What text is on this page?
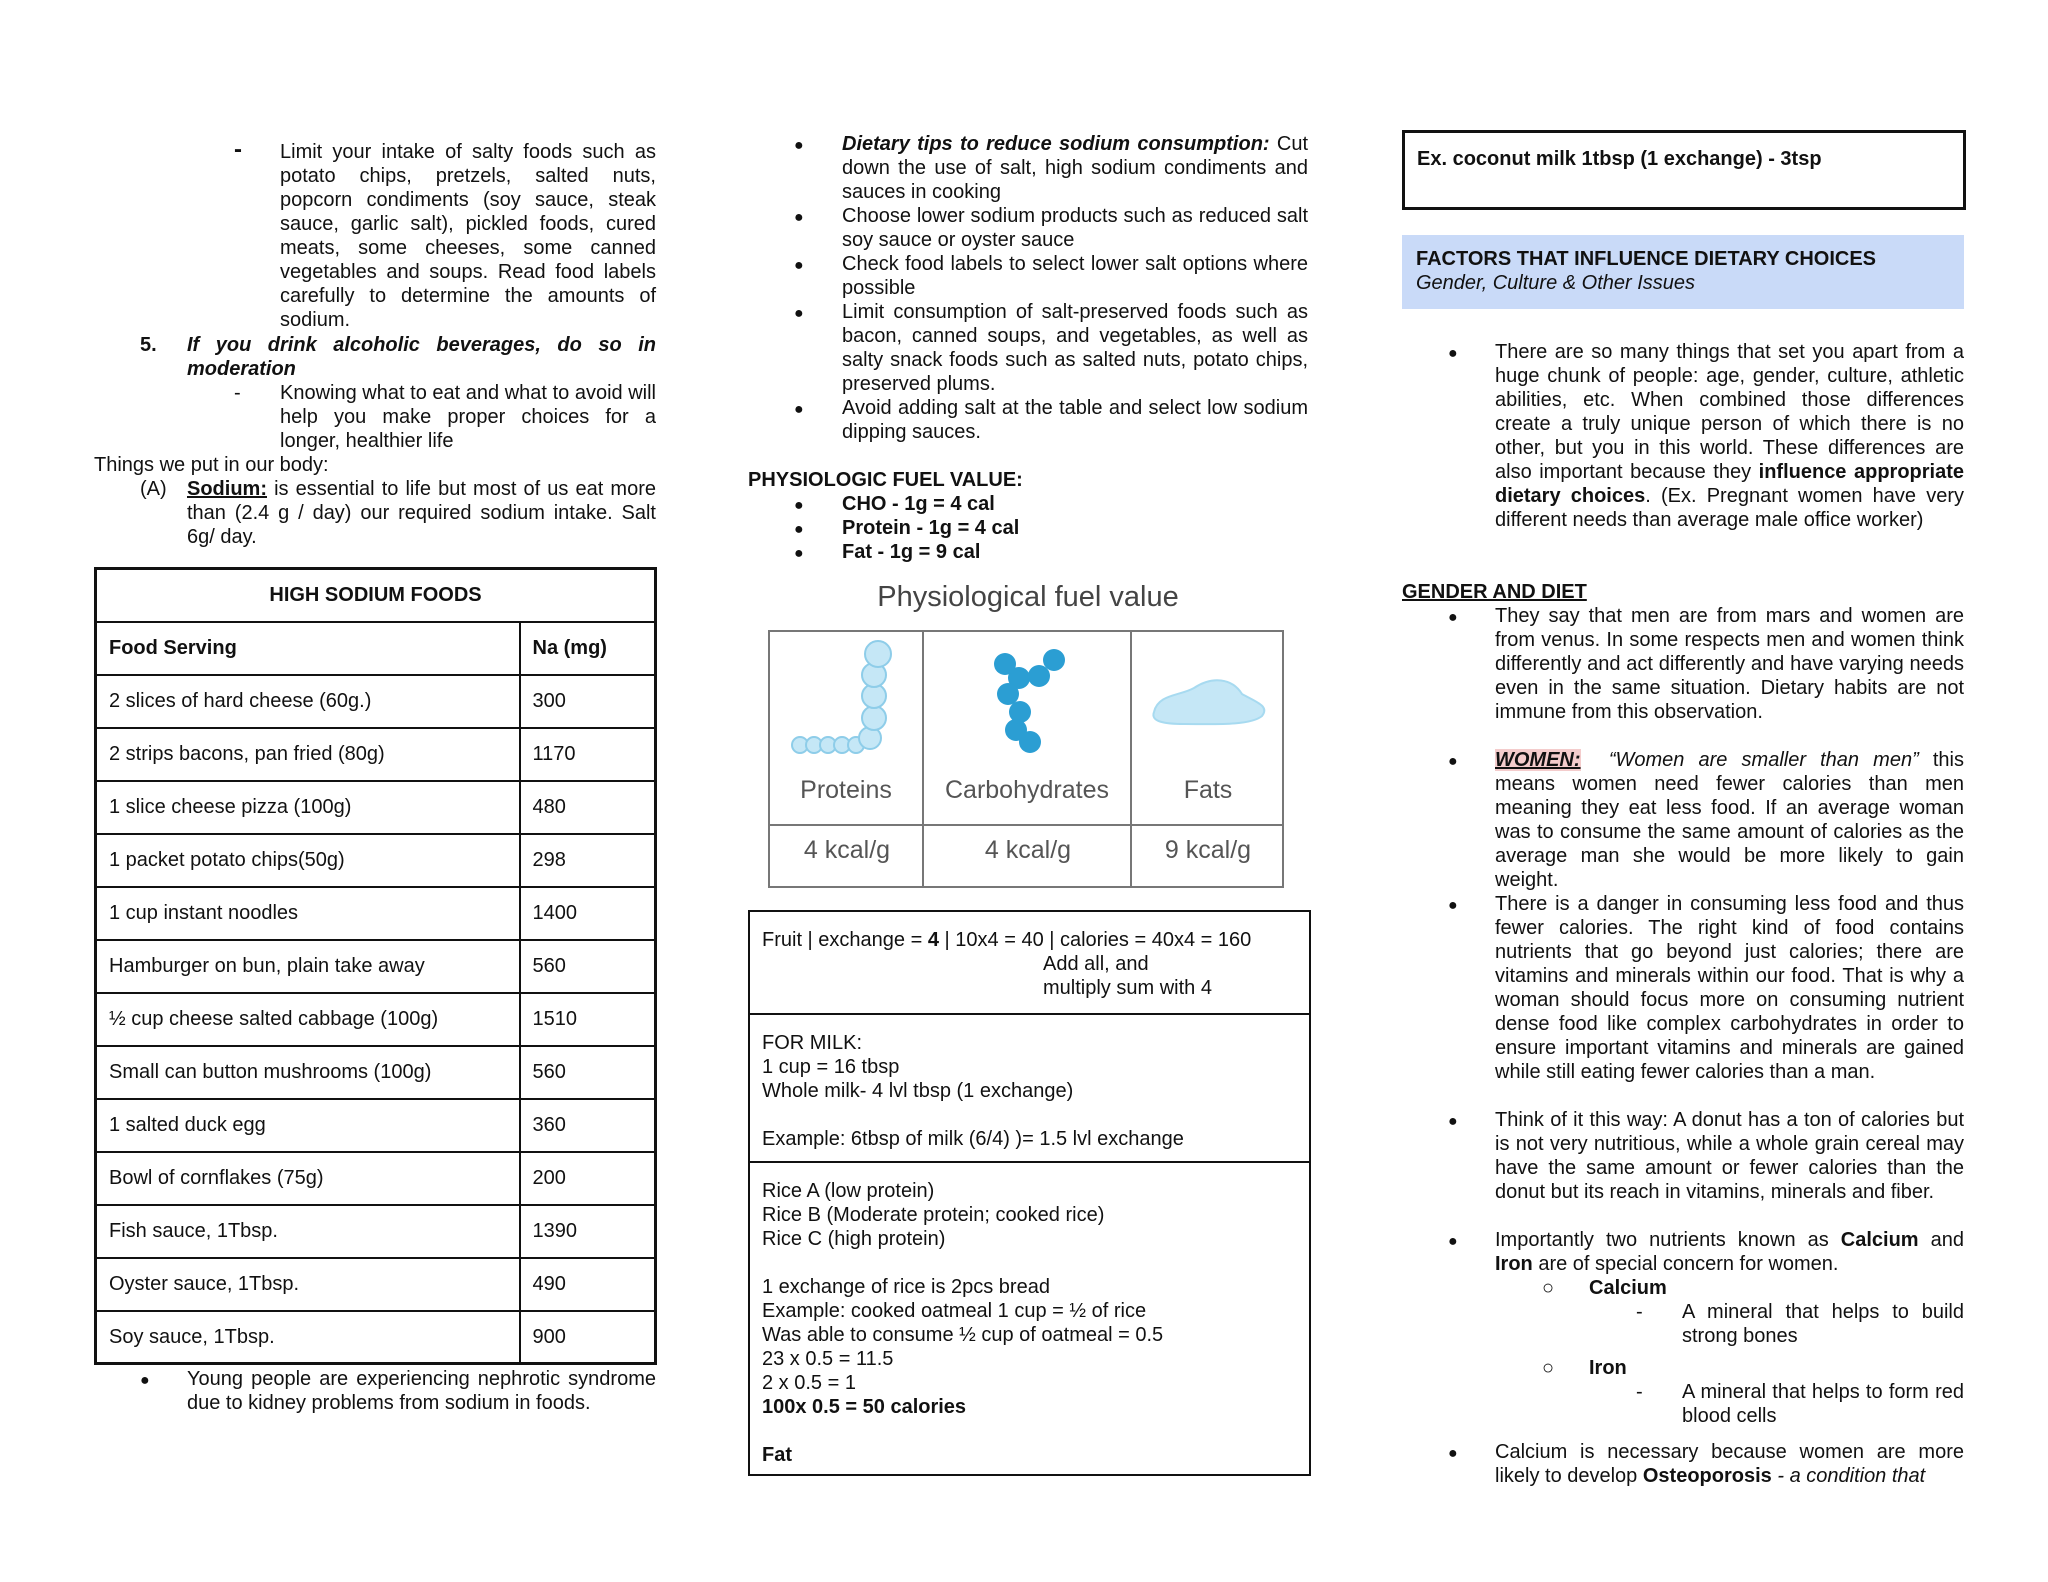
- Limit your intake of salty foods such as potato chips, pretzels, salted nuts, popcorn condiments (soy sauce, steak sauce, garlic salt), pickled foods, cured meats, some cheeses, some canned vegetables and soups. Read food labels carefully to determine the amounts of sodium.

5. If you drink alcoholic beverages, do so in moderation

- Knowing what to eat and what to avoid will help you make proper choices for a longer, healthier life

Things we put in our body:

(A) Sodium: is essential to life but most of us eat more than (2.4 g / day) our required sodium intake. Salt 6g/ day.

HIGH SODIUM FOODS	
Food Serving	Na (mg)
2 slices of hard cheese (60g.)	300
2 strips bacons, pan fried (80g)	1170
1 slice cheese pizza (100g)	480
1 packet potato chips(50g)	298
1 cup instant noodles	1400
Hamburger on bun, plain take away	560
½ cup cheese salted cabbage (100g)	1510
Small can button mushrooms (100g)	560
1 salted duck egg	360
Bowl of cornflakes (75g)	200
Fish sauce, 1Tbsp.	1390
Oyster sauce, 1Tbsp.	490
Soy sauce, 1Tbsp.	900
● Young people are experiencing nephrotic syndrome due to kidney problems from sodium in foods.

● Dietary tips to reduce sodium consumption: Cut down the use of salt, high sodium condiments and sauces in cooking

● Choose lower sodium products such as reduced salt soy sauce or oyster sauce

● Check food labels to select lower salt options where possible

● Limit consumption of salt-preserved foods such as bacon, canned soups, and vegetables, as well as salty snack foods such as salted nuts, potato chips, preserved plums.

● Avoid adding salt at the table and select low sodium dipping sauces.

PHYSIOLOGIC FUEL VALUE:

● CHO - 1g = 4 cal

● Protein - 1g = 4 cal

● Fat - 1g = 9 cal

Physiological fuel value

Proteins	Carbohydrates	Fats

4 kcal/g	4 kcal/g	9 kcal/g

Fruit | exchange = 4 | 10x4 = 40 | calories = 40x4 = 160

Add all, and

multiply sum with 4

FOR MILK:

1 cup = 16 tbsp

Whole milk- 4 lvl tbsp (1 exchange)

Example: 6tbsp of milk (6/4) )= 1.5 lvl exchange

Rice A (low protein)

Rice B (Moderate protein; cooked rice)

Rice C (high protein)

1 exchange of rice is 2pcs bread

Example: cooked oatmeal 1 cup = ½ of rice

Was able to consume ½ cup of oatmeal = 0.5

23 x 0.5 = 11.5

2 x 0.5 = 1

100x 0.5 = 50 calories

Fat

Ex. coconut milk 1tbsp (1 exchange) - 3tsp

FACTORS THAT INFLUENCE DIETARY CHOICES

Gender, Culture & Other Issues

● There are so many things that set you apart from a huge chunk of people: age, gender, culture, athletic abilities, etc. When combined those differences create a truly unique person of which there is no other, but you in this world. These differences are also important because they influence appropriate dietary choices. (Ex. Pregnant women have very different needs than average male office worker)

GENDER AND DIET

● They say that men are from mars and women are from venus. In some respects men and women think differently and act differently and have varying needs even in the same situation. Dietary habits are not immune from this observation.

● WOMEN: “Women are smaller than men” this means women need fewer calories than men meaning they eat less food. If an average woman was to consume the same amount of calories as the average man she would be more likely to gain weight.

● There is a danger in consuming less food and thus fewer calories. The right kind of food contains nutrients that go beyond just calories; there are vitamins and minerals within our food. That is why a woman should focus more on consuming nutrient dense food like complex carbohydrates in order to ensure important vitamins and minerals are gained while still eating fewer calories than a man.

● Think of it this way: A donut has a ton of calories but is not very nutritious, while a whole grain cereal may have the same amount or fewer calories than the donut but its reach in vitamins, minerals and fiber.

● Importantly two nutrients known as Calcium and Iron are of special concern for women.

○ Calcium

- A mineral that helps to build strong bones

○ Iron

- A mineral that helps to form red blood cells

● Calcium is necessary because women are more likely to develop Osteoporosis - a condition that
